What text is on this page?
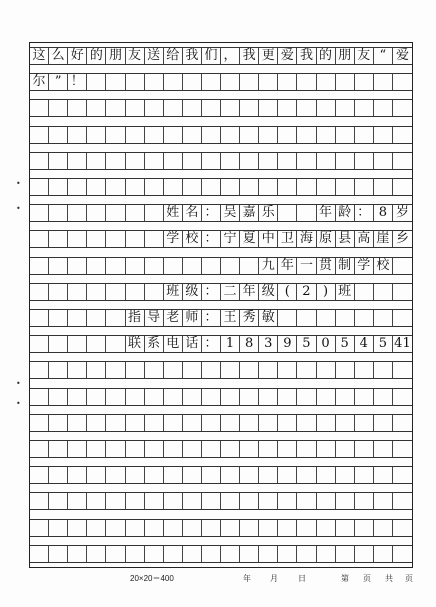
这 么 好 的 朋 友 送 给 我 们 ， 我 更 爱 我 的 朋 友 “ 爱
尔 ” ！
姓 名 ： 吴 嘉 乐	年 龄 ： 8 岁
学 校 ： 宁 夏 中 卫 海 原 县 高 崖 乡
九 年 一 贯 制 学 校
班 级 ： 二 年 级 ( 2 ) 班
指 导 老 师 ： 王 秀 敏
联 系 电 话 ： 1 8 3 9 5 0 5 4 5 41
•
•
•
•
20×20＝400	年 月	日	第 页 共 页
